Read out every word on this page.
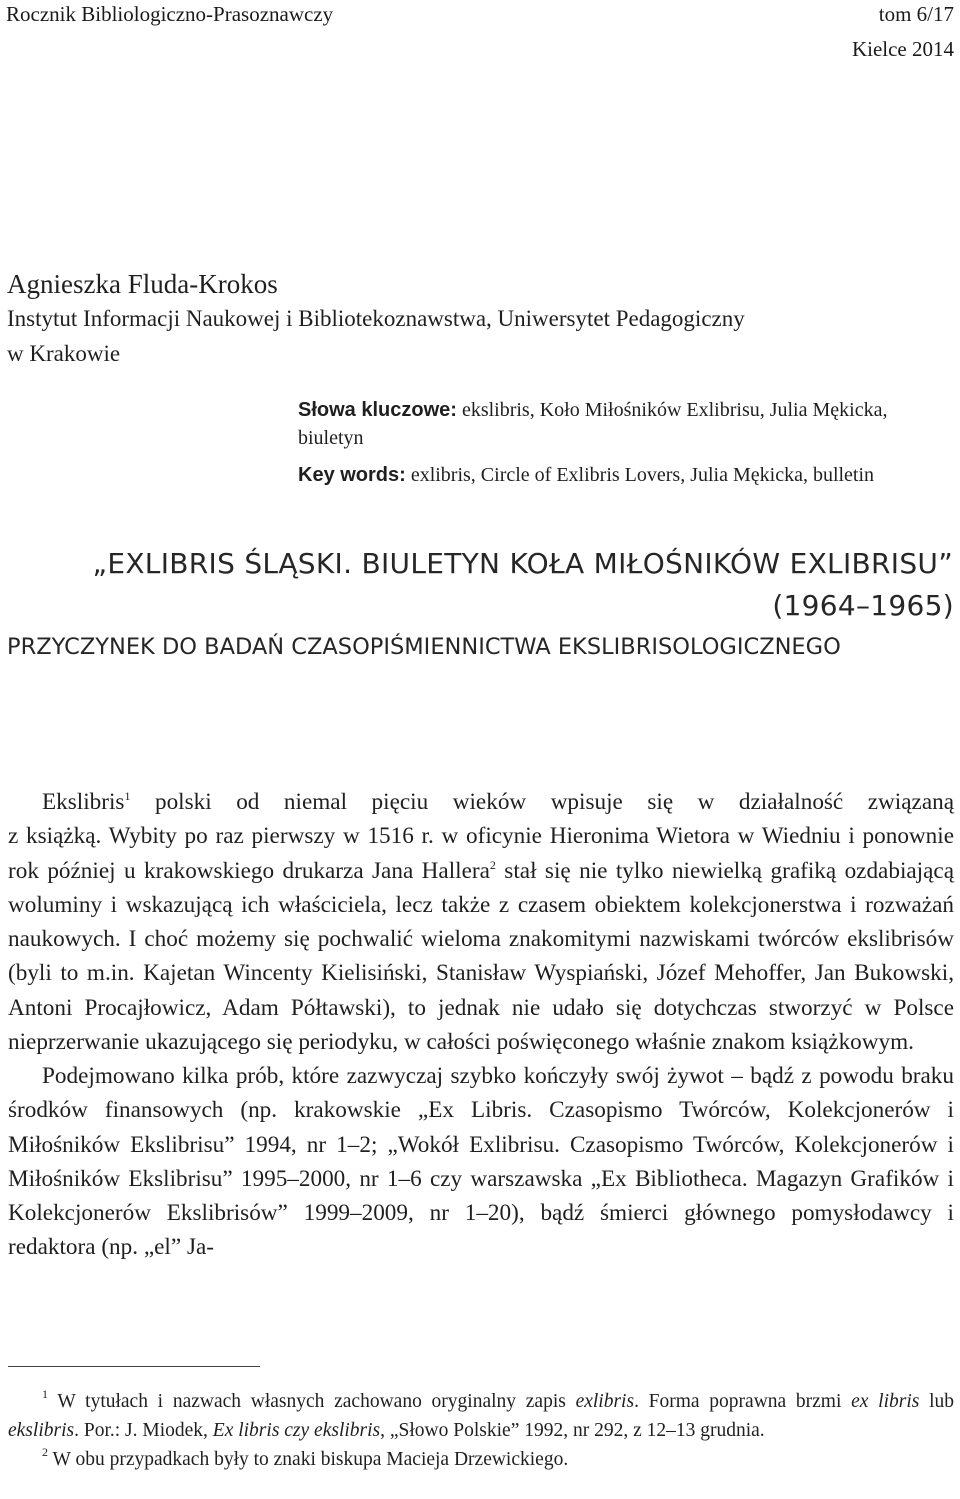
Rocznik Bibliologiczno-Prasoznawczy	tom 6/17
Kielce 2014
Agnieszka Fluda-Krokos
Instytut Informacji Naukowej i Bibliotekoznawstwa, Uniwersytet Pedagogiczny
w Krakowie
Słowa kluczowe: ekslibris, Koło Miłośników Exlibrisu, Julia Mękicka,
biuletyn
Key words: exlibris, Circle of Exlibris Lovers, Julia Mękicka, bulletin
„EXLIBRIS ŚLĄSKI. BIULETYN KOŁA MIŁOŚNIKÓW EXLIBRISU”
(1964–1965)
PRZYCZYNEK DO BADAŃ CZASOPIŚMIENNICTWA EKSLIBRISOLOGICZNEGO

Ekslibris$^1$ polski od niemal pięciu wieków wpisuje się w działalność związaną

z książką. Wybity po raz pierwszy w 1516 r. w oficynie Hieronima Wietora w Wiedniu i ponownie rok później u krakowskiego drukarza Jana Hallera$^2$ stał się nie tylko niewielką grafiką ozdabiającą woluminy i wskazującą ich właściciela, lecz także z czasem obiektem kolekcjonerstwa i rozważań naukowych. I choć możemy się pochwalić wieloma znakomitymi nazwiskami twórców ekslibrisów (byli to m.in. Kajetan Wincenty Kielisiński, Stanisław Wyspiański, Józef Mehoffer, Jan Bukowski, Antoni Procajłowicz, Adam Półtawski), to jednak nie udało się dotychczas stworzyć w Polsce nieprzerwanie ukazującego się periodyku, w całości poświęconego właśnie znakom książkowym.

Podejmowano kilka prób, które zazwyczaj szybko kończyły swój żywot – bądź z powodu braku środków finansowych (np. krakowskie „Ex Libris. Czasopismo Twórców, Kolekcjonerów i Miłośników Ekslibrisu” 1994, nr 1–2; „Wokół Exlibrisu. Czasopismo Twórców, Kolekcjonerów i Miłośników Ekslibrisu” 1995–2000, nr 1–6 czy warszawska „Ex Bibliotheca. Magazyn Grafików i Kolekcjonerów Ekslibrisów” 1999–2009, nr 1–20), bądź śmierci głównego pomysłodawcy i redaktora (np. „el” Ja-

$^1$ W tytułach i nazwach własnych zachowano oryginalny zapis exlibris. Forma poprawna brzmi ex libris lub ekslibris. Por.: J. Miodek, Ex libris czy ekslibris, „Słowo Polskie” 1992, nr 292, z 12–13 grudnia.

$^2$ W obu przypadkach były to znaki biskupa Macieja Drzewickiego.
